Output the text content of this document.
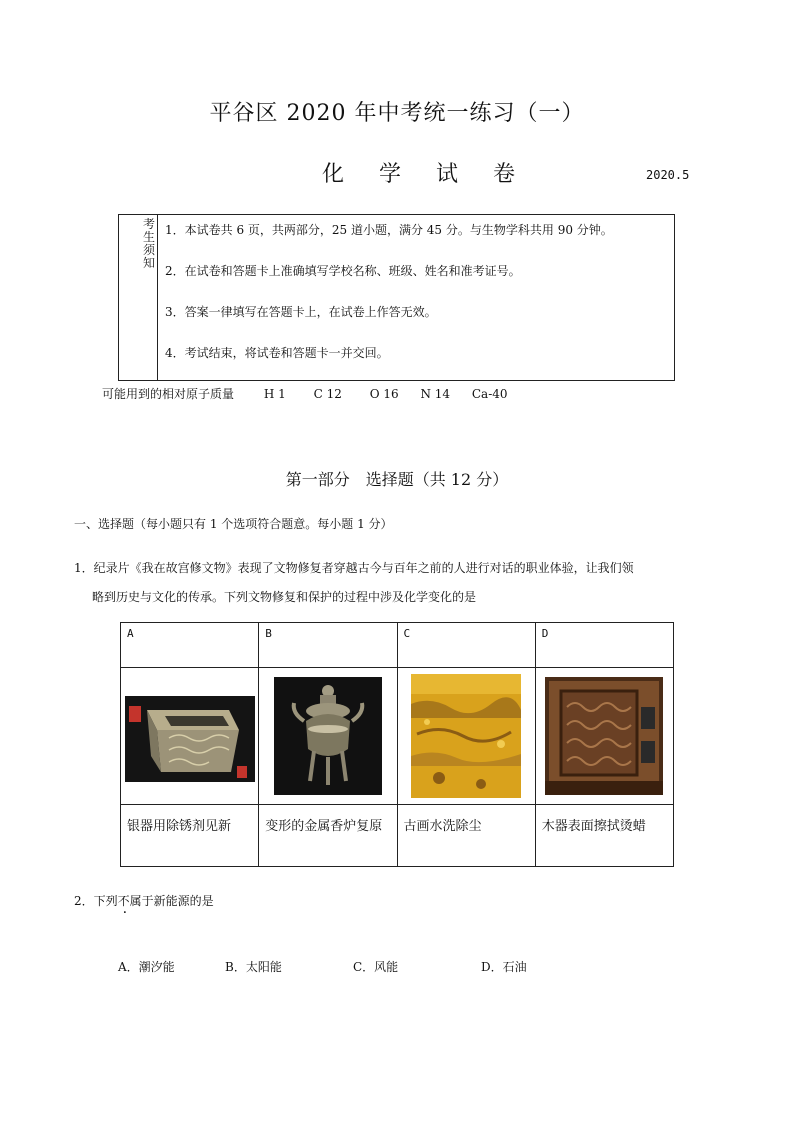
平谷区 2020 年中考统一练习（一）
化 学 试 卷	2020.5
考
生
须
知
1．本试卷共 6 页，共两部分，25 道小题，满分 45 分。与生物学科共用 90 分钟。
2．在试卷和答题卡上准确填写学校名称、班级、姓名和准考证号。
3．答案一律填写在答题卡上，在试卷上作答无效。
4．考试结束，将试卷和答题卡一并交回。
可能用到的相对原子质量 H 1 C 12 O 16 N 14 Ca-40
第一部分　选择题（共 12 分）
一、选择题（每小题只有 1 个选项符合题意。每小题 1 分）
1．纪录片《我在故宫修文物》表现了文物修复者穿越古今与百年之前的人进行对话的职业体验，让我们领
略到历史与文化的传承。下列文物修复和保护的过程中涉及化学变化的是
A	B	C	D

银器用除锈剂见新	变形的金属香炉复原	古画水洗除尘	木器表面擦拭烫蜡
2．下列不属于新能源的是
A．潮汐能	B．太阳能	C．风能	D．石油
